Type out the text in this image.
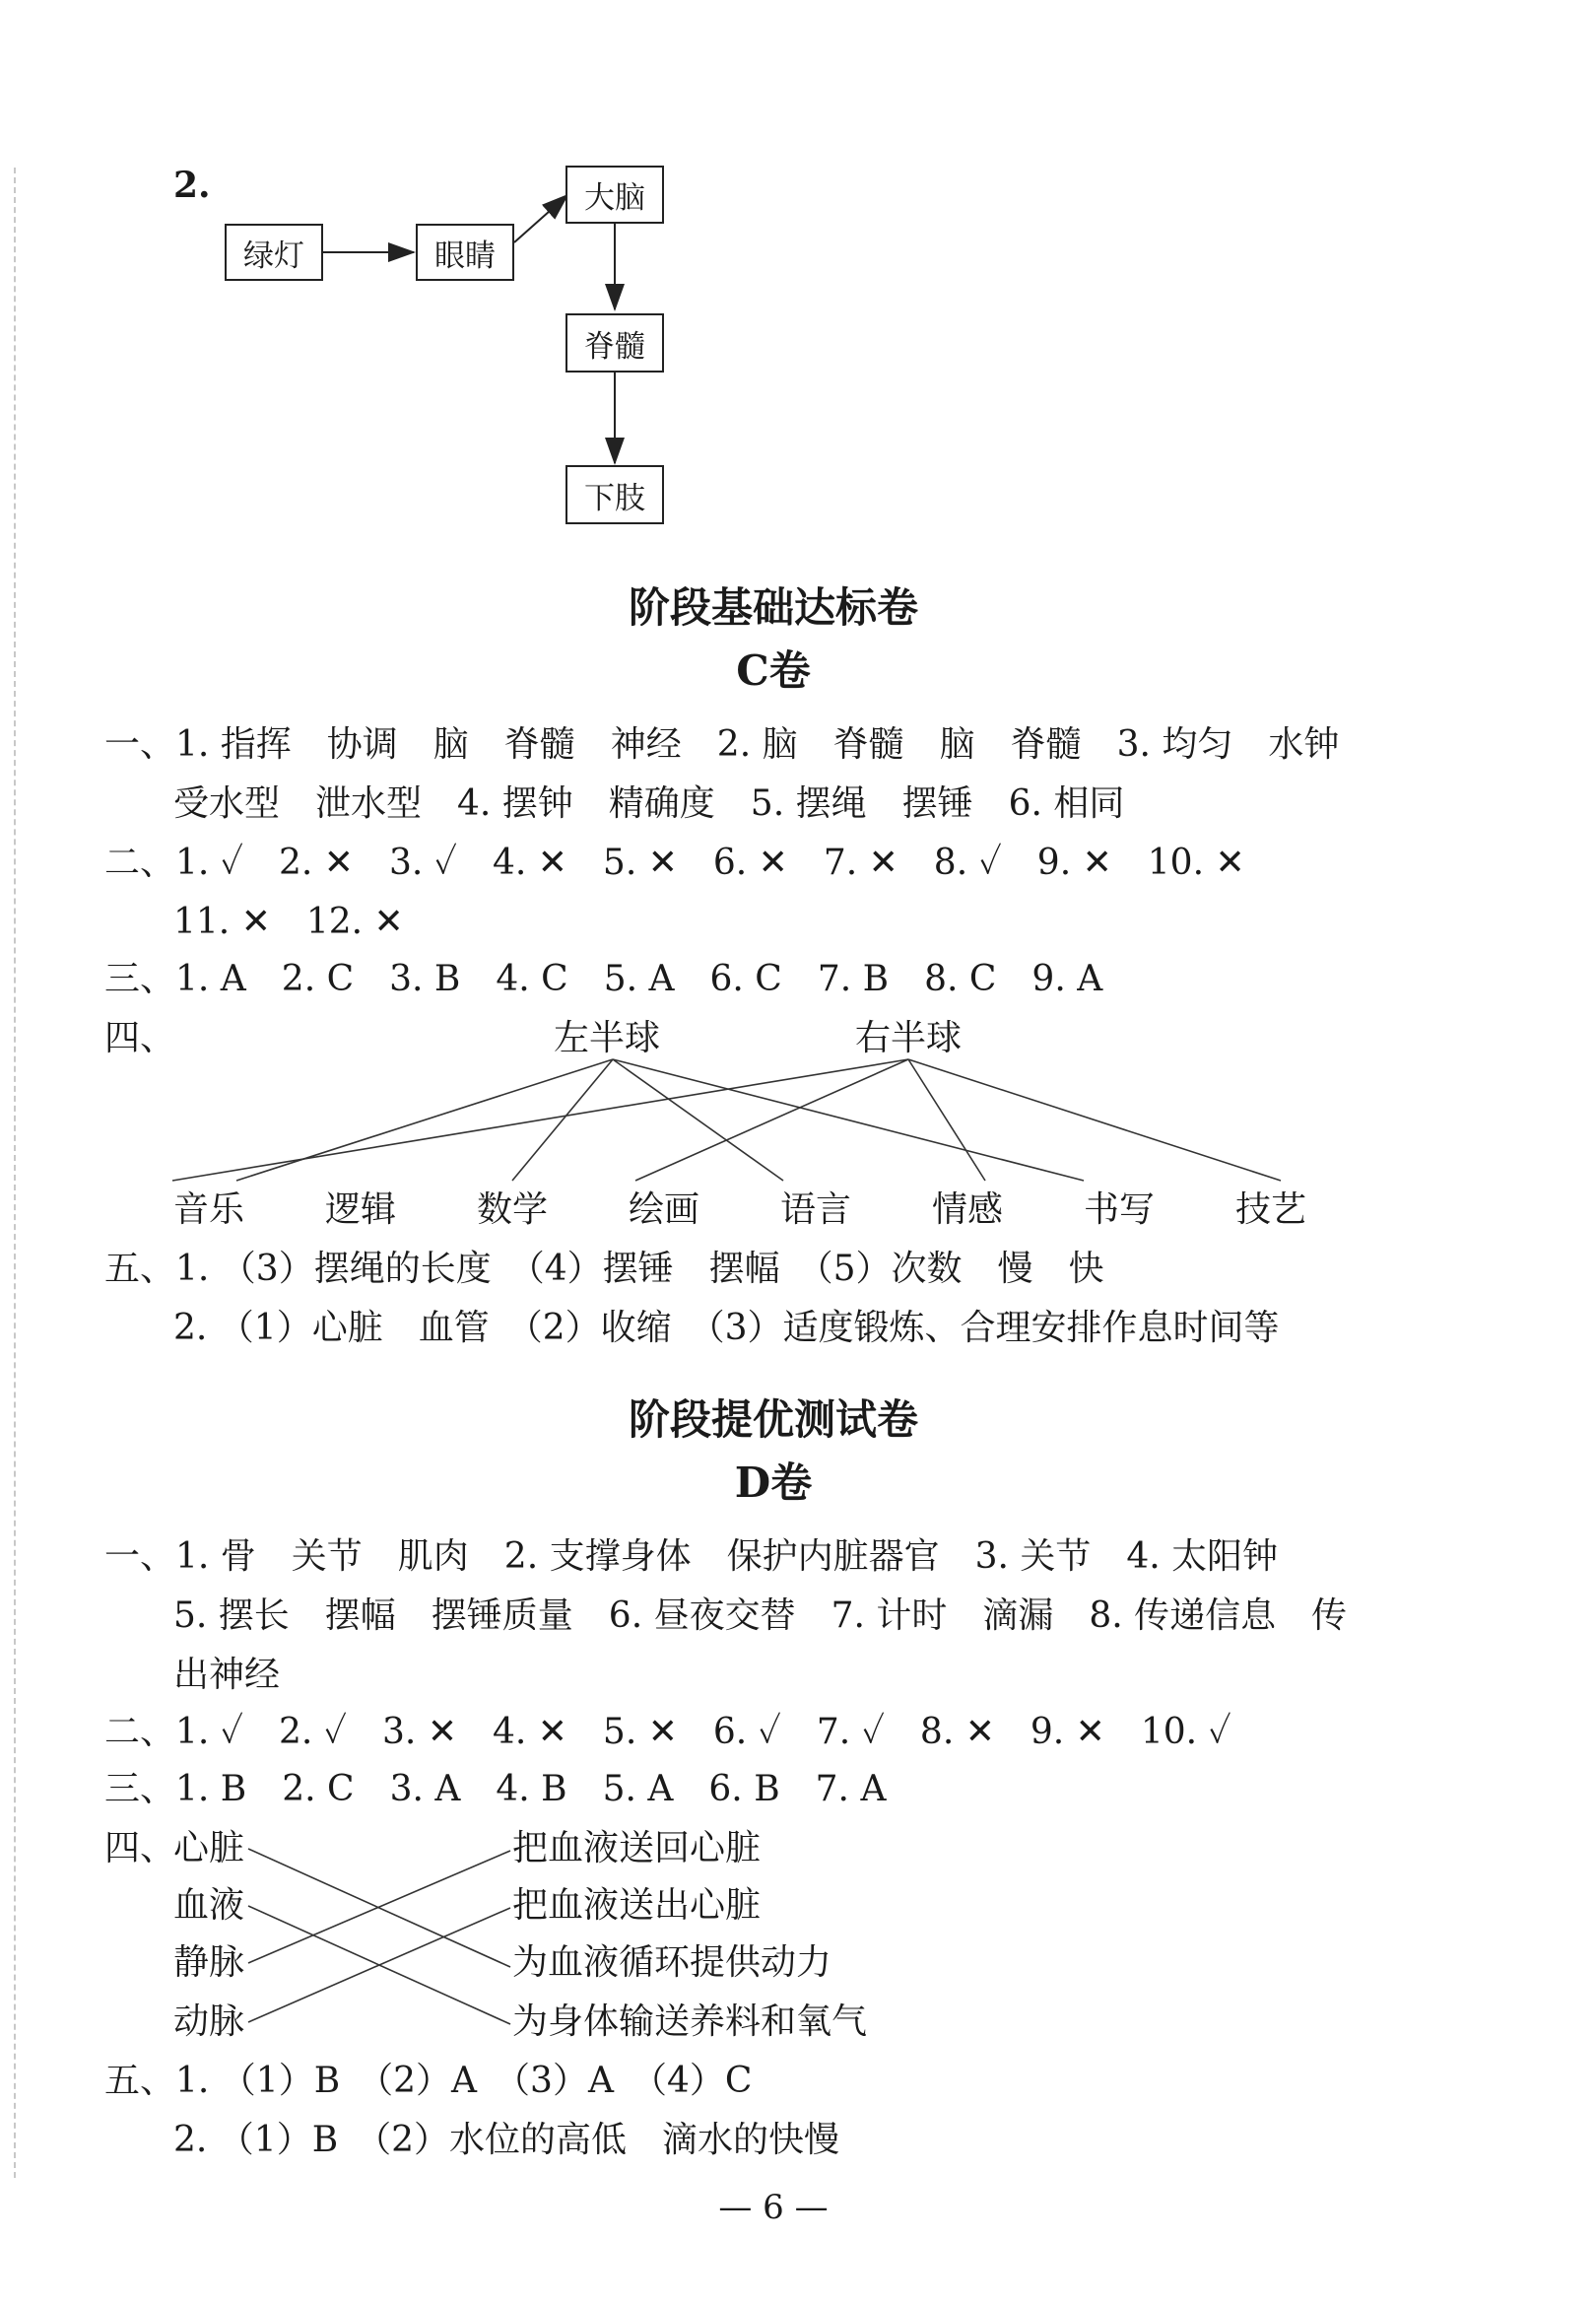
2.
绿灯	眼睛
大脑
脊髓
下肢
阶段基础达标卷
C卷
一、1. 指挥　协调　脑　脊髓　神经　2. 脑　脊髓　脑　脊髓　3. 均匀　水钟
受水型　泄水型　4. 摆钟　精确度　5. 摆绳　摆锤　6. 相同
二、1. ✓　2. ✕　3. ✓　4. ✕　5. ✕　6. ✕　7. ✕　8. ✓　9. ✕　10. ✕
11. ✕　12. ✕
三、1. A　2. C　3. B　4. C　5. A　6. C　7. B　8. C　9. A
四、	左半球	右半球
音乐 逻辑 数学 绘画 语言 情感 书写 技艺
五、1. （3）摆绳的长度　（4）摆锤　摆幅　（5）次数　慢　快
2. （1）心脏　血管　（2）收缩　（3）适度锻炼、合理安排作息时间等
阶段提优测试卷
D卷
一、1. 骨　关节　肌肉　2. 支撑身体　保护内脏器官　3. 关节　4. 太阳钟
5. 摆长　摆幅　摆锤质量　6. 昼夜交替　7. 计时　滴漏　8. 传递信息　传
出神经
二、1. ✓　2. ✓　3. ✕　4. ✕　5. ✕　6. ✓　7. ✓　8. ✕　9. ✕　10. ✓
三、1. B　2. C　3. A　4. B　5. A　6. B　7. A
四、
心脏
血液
静脉
动脉
把血液送回心脏
把血液送出心脏
为血液循环提供动力
为身体输送养料和氧气
五、1. （1）B　（2）A　（3）A　（4）C
2. （1）B　（2）水位的高低　滴水的快慢
— 6 —
